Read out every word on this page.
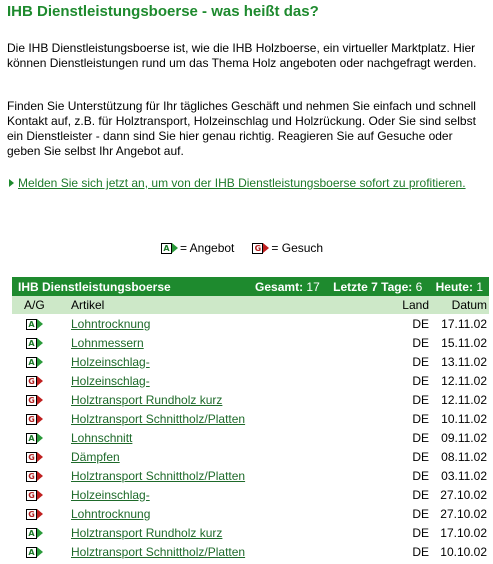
IHB Dienstleistungsboerse - was heißt das?

Die IHB Dienstleistungsboerse ist, wie die IHB Holzboerse, ein virtueller Marktplatz. Hier können Dienstleistungen rund um das Thema Holz angeboten oder nachgefragt werden.

Finden Sie Unterstützung für Ihr tägliches Geschäft und nehmen Sie einfach und schnell Kontakt auf, z.B. für Holztransport, Holzeinschlag und Holzrückung. Oder Sie sind selbst ein Dienstleister - dann sind Sie hier genau richtig. Reagieren Sie auf Gesuche oder geben Sie selbst Ihr Angebot auf.

Melden Sie sich jetzt an, um von der IHB Dienstleistungsboerse sofort zu profitieren.
A = Angebot	G = Gesuch
IHB Dienstleistungsboerse	Gesamt: 17 Letzte 7 Tage: 6 Heute: 1
A/G	Artikel	Land	Datum
A	Lohntrocknung	DE	17.11.02
A	Lohnmessern	DE	15.11.02
A	Holzeinschlag-	DE	13.11.02
G	Holzeinschlag-	DE	12.11.02
G	Holztransport Rundholz kurz	DE	12.11.02
G	Holztransport Schnittholz/Platten	DE	10.11.02
A	Lohnschnitt	DE	09.11.02
G	Dämpfen	DE	08.11.02
G	Holztransport Schnittholz/Platten	DE	03.11.02
G	Holzeinschlag-	DE 27.10.02
G	Lohntrocknung	DE 27.10.02
A	Holztransport Rundholz kurz	DE 17.10.02
A	Holztransport Schnittholz/Platten	DE 10.10.02
